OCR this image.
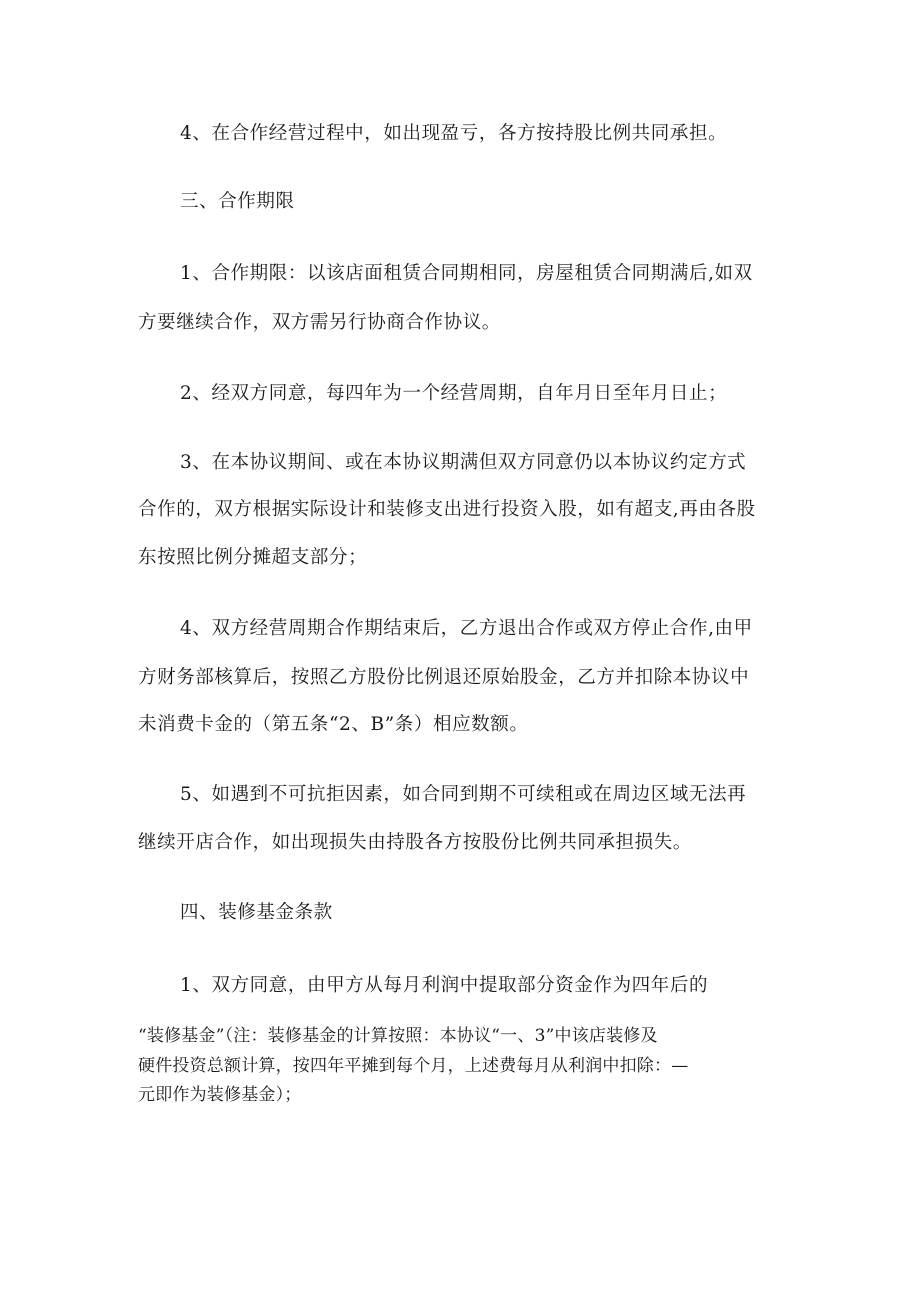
4、在合作经营过程中，如出现盈亏，各方按持股比例共同承担。
三、合作期限
1、合作期限：以该店面租赁合同期相同，房屋租赁合同期满后,如双
方要继续合作，双方需另行协商合作协议。
2、经双方同意，每四年为一个经营周期，自年月日至年月日止；
3、在本协议期间、或在本协议期满但双方同意仍以本协议约定方式
合作的，双方根据实际设计和装修支出进行投资入股，如有超支,再由各股
东按照比例分摊超支部分；
4、双方经营周期合作期结束后，乙方退出合作或双方停止合作,由甲
方财务部核算后，按照乙方股份比例退还原始股金，乙方并扣除本协议中
未消费卡金的（第五条“2、B”条）相应数额。
5、如遇到不可抗拒因素，如合同到期不可续租或在周边区域无法再
继续开店合作，如出现损失由持股各方按股份比例共同承担损失。
四、装修基金条款
1、双方同意，由甲方从每月利润中提取部分资金作为四年后的
“装修基金”（注：装修基金的计算按照：本协议“一、3”中该店装修及
硬件投资总额计算，按四年平摊到每个月，上述费每月从利润中扣除：—
元即作为装修基金）；
